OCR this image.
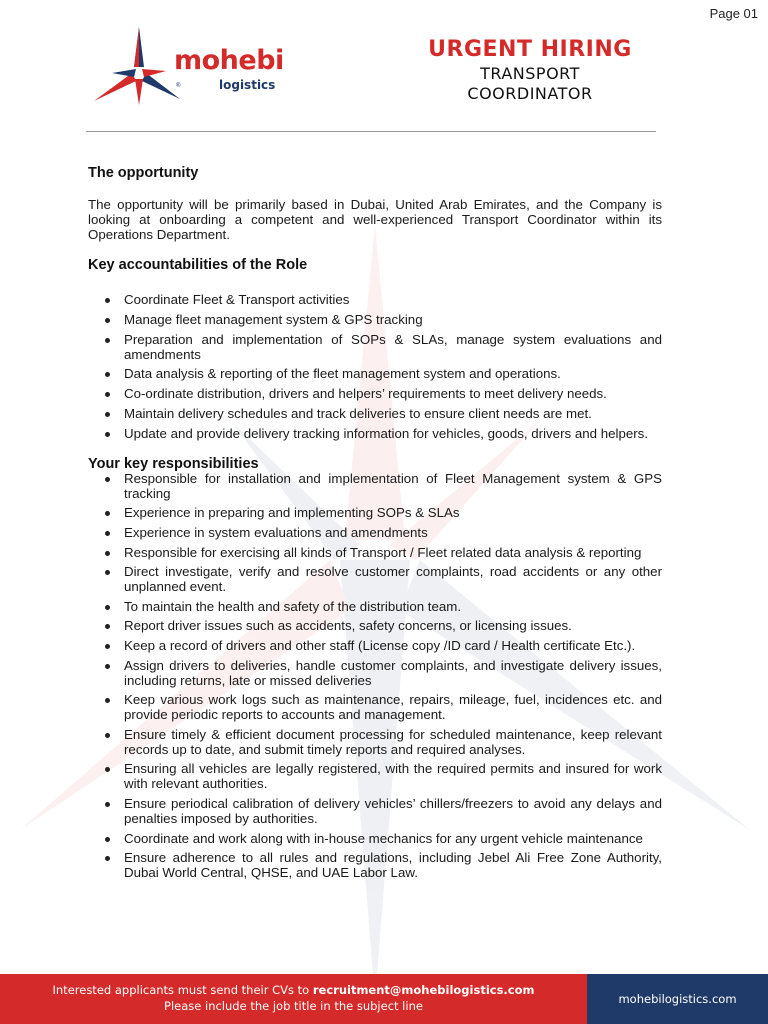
Page 01
mohebi
®	logistics
URGENT HIRING
TRANSPORT
COORDINATOR
The opportunity

The opportunity will be primarily based in Dubai, United Arab Emirates, and the Company is looking at onboarding a competent and well-experienced Transport Coordinator within its Operations Department.

Key accountabilities of the Role
Coordinate Fleet & Transport activities
Manage fleet management system & GPS tracking
Preparation and implementation of SOPs & SLAs, manage system evaluations and amendments
Data analysis & reporting of the fleet management system and operations.
Co-ordinate distribution, drivers and helpers’ requirements to meet delivery needs.
Maintain delivery schedules and track deliveries to ensure client needs are met.
Update and provide delivery tracking information for vehicles, goods, drivers and helpers.
Your key responsibilities
Responsible for installation and implementation of Fleet Management system & GPS tracking
Experience in preparing and implementing SOPs & SLAs
Experience in system evaluations and amendments
Responsible for exercising all kinds of Transport / Fleet related data analysis & reporting
Direct investigate, verify and resolve customer complaints, road accidents or any other unplanned event.
To maintain the health and safety of the distribution team.
Report driver issues such as accidents, safety concerns, or licensing issues.
Keep a record of drivers and other staff (License copy /ID card / Health certificate Etc.).
Assign drivers to deliveries, handle customer complaints, and investigate delivery issues, including returns, late or missed deliveries
Keep various work logs such as maintenance, repairs, mileage, fuel, incidences etc. and provide periodic reports to accounts and management.
Ensure timely & efficient document processing for scheduled maintenance, keep relevant records up to date, and submit timely reports and required analyses.
Ensuring all vehicles are legally registered, with the required permits and insured for work with relevant authorities.
Ensure periodical calibration of delivery vehicles’ chillers/freezers to avoid any delays and penalties imposed by authorities.
Coordinate and work along with in-house mechanics for any urgent vehicle maintenance
Ensure adherence to all rules and regulations, including Jebel Ali Free Zone Authority, Dubai World Central, QHSE, and UAE Labor Law.
Interested applicants must send their CVs to recruitment@mohebilogistics.com
Please include the job title in the subject line	mohebilogistics.com
